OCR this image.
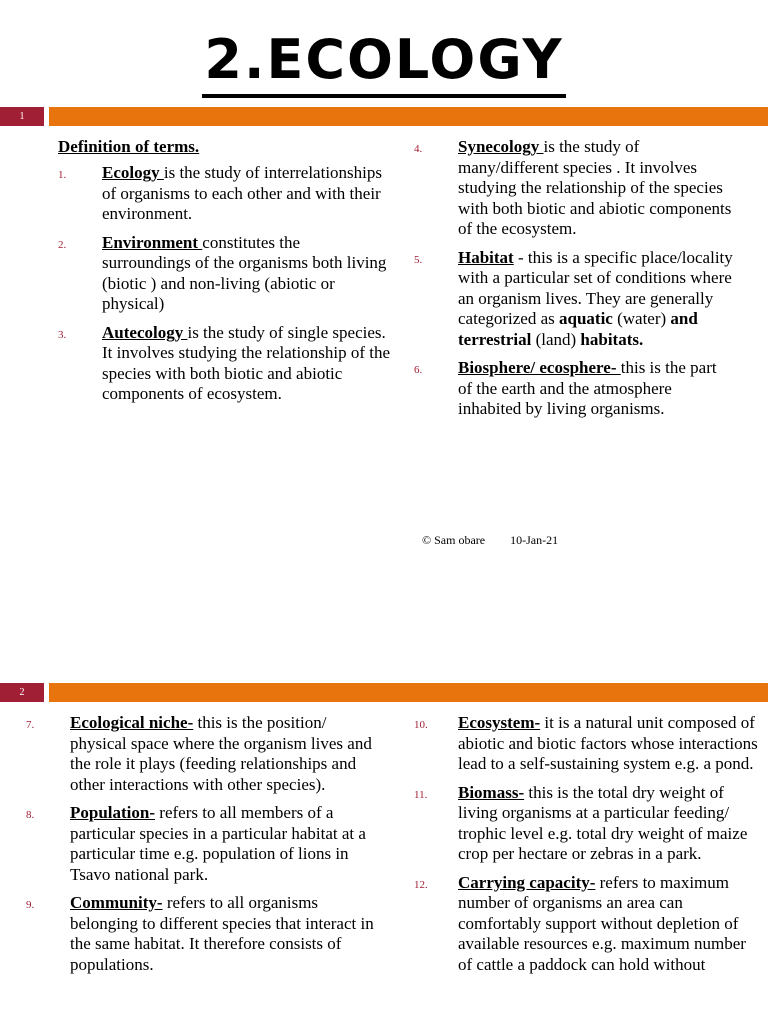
2.ECOLOGY
1
Definition of terms.
1.	Ecology is the study of interrelationships of organisms to each other and with their environment.
2.	Environment constitutes the surroundings of the organisms both living (biotic ) and non-living (abiotic or physical)
3.	Autecology is the study of single species. It involves studying the relationship of the species with both biotic and abiotic components of ecosystem.
4.	Synecology is the study of many/different species . It involves studying the relationship of the species with both biotic and abiotic components of the ecosystem.
5.	Habitat - this is a specific place/locality with a particular set of conditions where an organism lives. They are generally categorized as aquatic (water) and terrestrial (land) habitats.
6.	Biosphere/ ecosphere- this is the part of the earth and the atmosphere inhabited by living organisms.
© Sam obare 10-Jan-21
2
7.	Ecological niche- this is the position/ physical space where the organism lives and the role it plays (feeding relationships and other interactions with other species).
8.	Population- refers to all members of a particular species in a particular habitat at a particular time e.g. population of lions in Tsavo national park.
9.	Community- refers to all organisms belonging to different species that interact in the same habitat. It therefore consists of populations.
10.	Ecosystem- it is a natural unit composed of abiotic and biotic factors whose interactions lead to a self-sustaining system e.g. a pond.
11.	Biomass- this is the total dry weight of living organisms at a particular feeding/ trophic level e.g. total dry weight of maize crop per hectare or zebras in a park.
12.	Carrying capacity- refers to maximum number of organisms an area can comfortably support without depletion of available resources e.g. maximum number of cattle a paddock can hold without
